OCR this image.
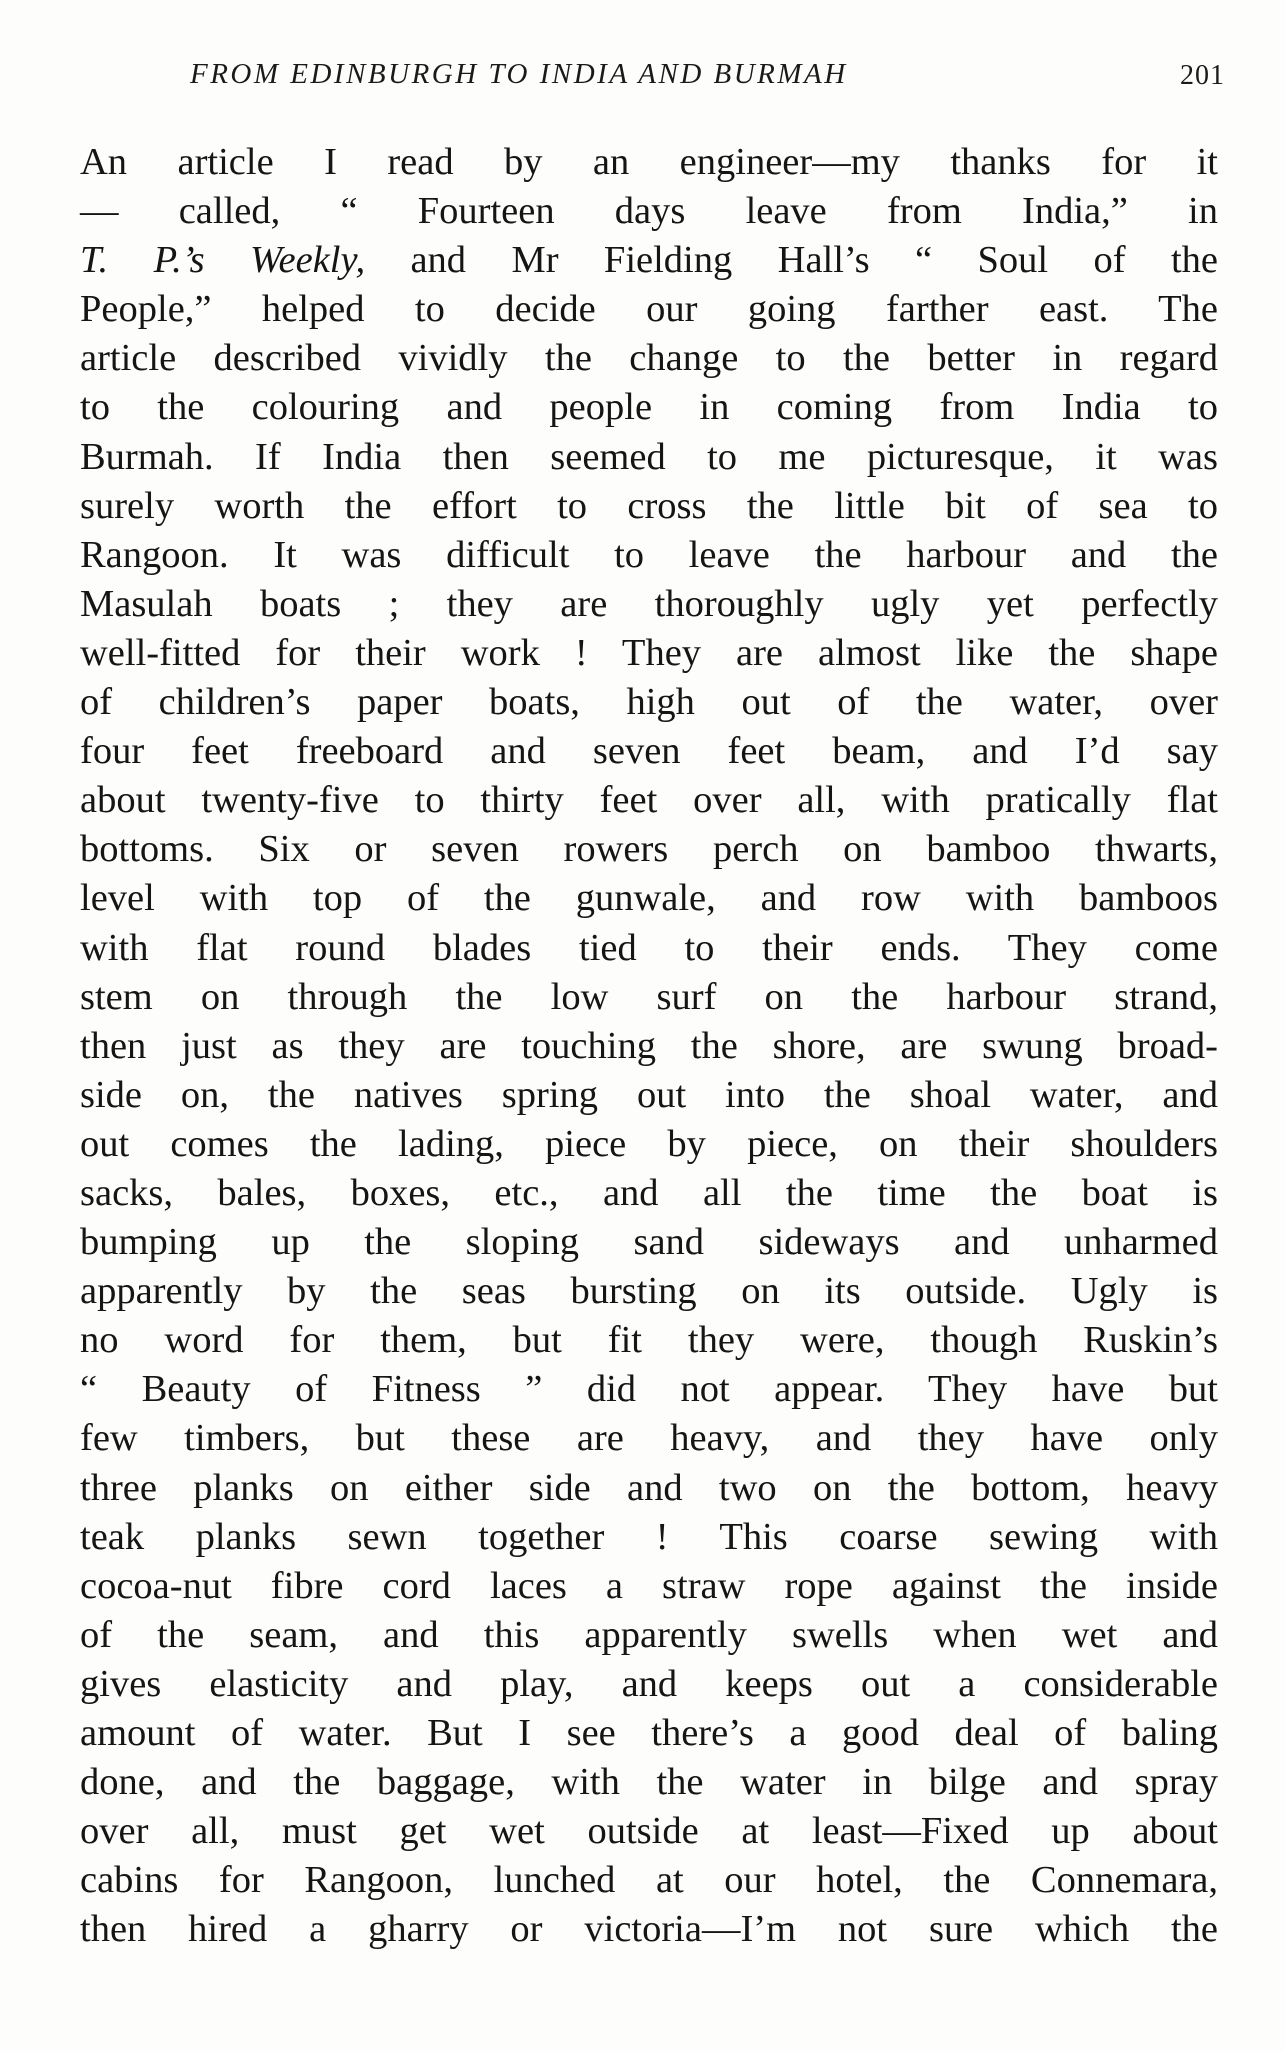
FROM EDINBURGH TO INDIA AND BURMAH	201
An article I read by an engineer—my thanks for it
— called, “ Fourteen days leave from India,” in
T. P.’s Weekly, and Mr Fielding Hall’s “ Soul of the
People,” helped to decide our going farther east. The
article described vividly the change to the better in regard
to the colouring and people in coming from India to
Burmah. If India then seemed to me picturesque, it was
surely worth the effort to cross the little bit of sea to
Rangoon. It was difficult to leave the harbour and the
Masulah boats ; they are thoroughly ugly yet perfectly
well-fitted for their work ! They are almost like the shape
of children’s paper boats, high out of the water, over
four feet freeboard and seven feet beam, and I’d say
about twenty-five to thirty feet over all, with pratically flat
bottoms. Six or seven rowers perch on bamboo thwarts,
level with top of the gunwale, and row with bamboos
with flat round blades tied to their ends. They come
stem on through the low surf on the harbour strand,
then just as they are touching the shore, are swung broad-
side on, the natives spring out into the shoal water, and
out comes the lading, piece by piece, on their shoulders
sacks, bales, boxes, etc., and all the time the boat is
bumping up the sloping sand sideways and unharmed
apparently by the seas bursting on its outside. Ugly is
no word for them, but fit they were, though Ruskin’s
“ Beauty of Fitness ” did not appear. They have but
few timbers, but these are heavy, and they have only
three planks on either side and two on the bottom, heavy
teak planks sewn together ! This coarse sewing with
cocoa-nut fibre cord laces a straw rope against the inside
of the seam, and this apparently swells when wet and
gives elasticity and play, and keeps out a considerable
amount of water. But I see there’s a good deal of baling
done, and the baggage, with the water in bilge and spray
over all, must get wet outside at least—Fixed up about
cabins for Rangoon, lunched at our hotel, the Connemara,
then hired a gharry or victoria—I’m not sure which the
